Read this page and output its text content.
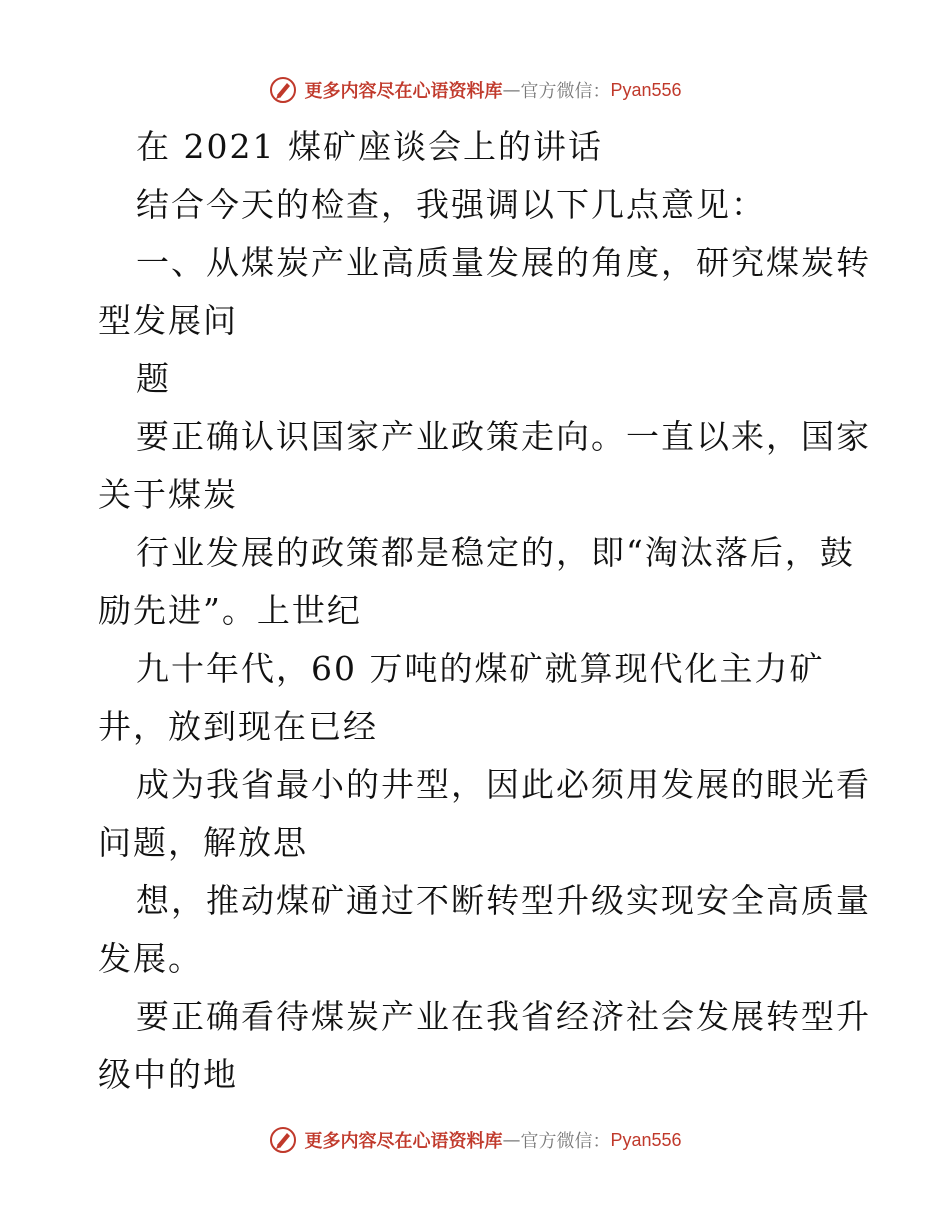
更多内容尽在心语资料库 — 官方微信： Pyan556
在 2021 煤矿座谈会上的讲话
结合今天的检查，我强调以下几点意见：
一、从煤炭产业高质量发展的角度，研究煤炭转
型发展问
题
要正确认识国家产业政策走向。一直以来，国家
关于煤炭
行业发展的政策都是稳定的，即“淘汰落后，鼓
励先进”。上世纪
九十年代，60 万吨的煤矿就算现代化主力矿
井，放到现在已经
成为我省最小的井型，因此必须用发展的眼光看
问题，解放思
想，推动煤矿通过不断转型升级实现安全高质量
发展。
要正确看待煤炭产业在我省经济社会发展转型升
级中的地
更多内容尽在心语资料库 — 官方微信： Pyan556
